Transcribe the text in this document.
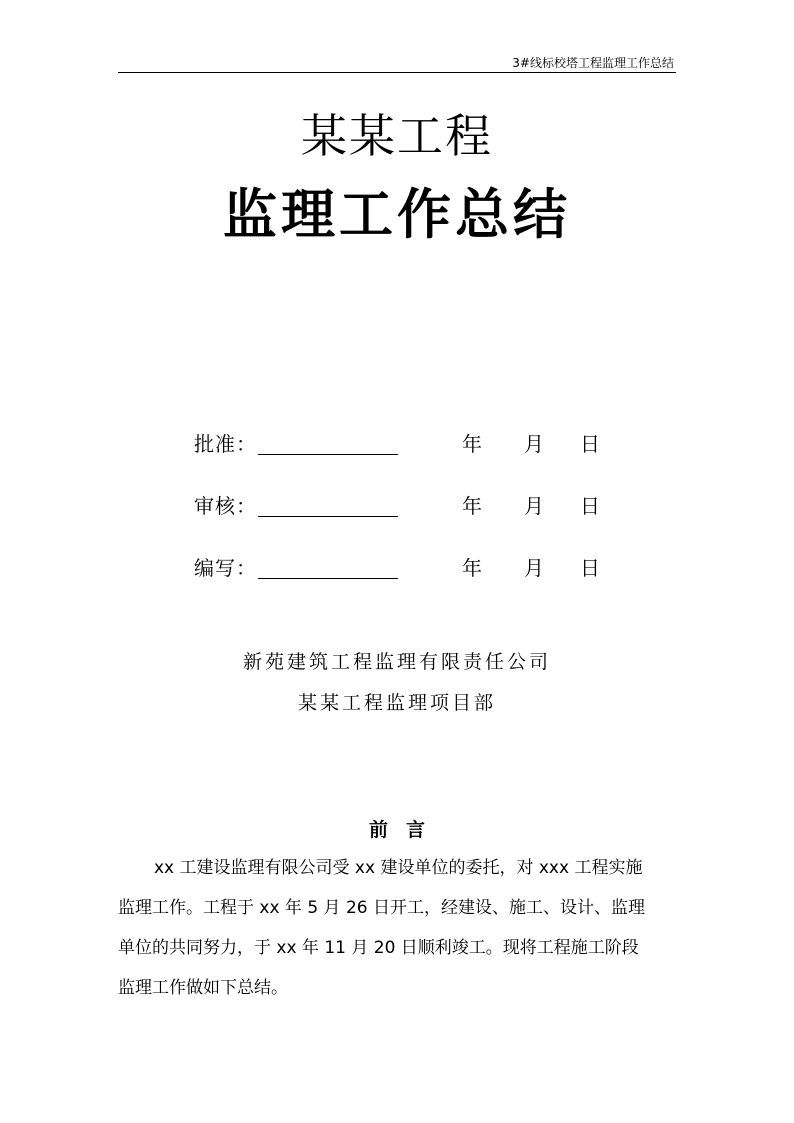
3#线标校塔工程监理工作总结
某某工程
监理工作总结
批准：	年 月 日
审核：	年 月 日
编写：	年 月 日
新苑建筑工程监理有限责任公司
某某工程监理项目部
前言
xx 工建设监理有限公司受 xx 建设单位的委托，对 xxx 工程实施
监理工作。工程于 xx 年 5 月 26 日开工，经建设、施工、设计、监理
单位的共同努力，于 xx 年 11 月 20 日顺利竣工。现将工程施工阶段
监理工作做如下总结。
